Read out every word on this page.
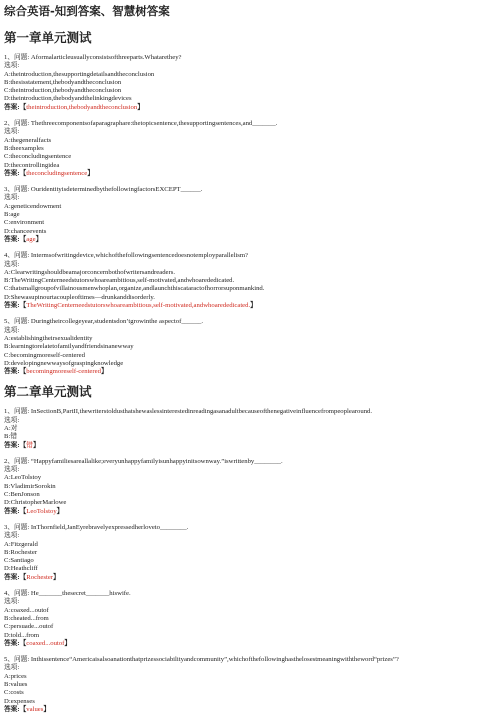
综合英语-知到答案、智慧树答案
第一章单元测试
1、问题: Aformalarticleusuallyconsistsofthreeparts.Whatarethey?
选项:
A:theintroduction,thesupportingdetailsandtheconclusion
B:thesisstatement,thebodyandtheconclusion
C:theintroduction,thebodyandtheconclusion
D:theintroduction,thebodyandthelinkingdevices
答案:【theintroduction,thebodyandtheconclusion】
2、问题: Thethreecomponentsofaparagraphare:thetopicsentence,thesupportingsentences,and_______.
选项:
A:thegeneralfacts
B:theexamples
C:theconcludingsentence
D:thecontrollingidea
答案:【theconcludingsentence】
3、问题: OuridentityisdeterminedbythefollowingfactorsEXCEPT______.
选项:
A:geneticendowment
B:age
C:environment
D:chanceevents
答案:【age】
4、问题: Intermsofwritingdevice,whichofthefollowingsentencedoesnotemployparallelism?
选项:
A:Clearwritingshouldbeamajorconcernbothofwritersandreaders.
B:TheWritingCenterneedstutorswhoareambitious,self-motivated,andwhoarededicated.
C:thatsmallgroupofvillainousmenwhoplan,organize,andlaunchthiscataractofhorrorsuponmankind.
D:Shewasupinourtacoupleoftimes—drunkanddisorderly.
答案:【TheWritingCenterneedstutorswhoareambitious,self-motivated,andwhoarededicated.】
5、问题: Duringtheircollegeyear,studentsdon’tgrowinthe aspectof______.
选项:
A:establishingtheirsexualidentity
B:learningtorelatetofamilyandfriendsinanewway
C:becomingmoreself-centered
D:developingnewwaysofgraspingknowledge
答案:【becomingmoreself-centered】
第二章单元测试
1、问题: InSectionB,PartII,thewriterstoldusthatshewaslessinterestedinreadingasanadultbecauseofthenegativeinfluencefrompeoplearound.
选项:
A:对
B:错
答案:【错】
2、问题: “Happyfamiliesareallalike;everyunhappyfamilyisunhappyinitsownway.”iswrittenby________.
选项:
A:LeoTolstoy
B:VladimirSorokin
C:BenJonson
D:ChristopherMarlowe
答案:【LeoTolstoy】
3、问题: InThornfield,JanEyrebravelyexpressedherloveto________.
选项:
A:Fitzgerald
B:Rochester
C:Santiago
D:Heathcliff
答案:【Rochester】
4、问题: He_______thesecret_______hiswife.
选项:
A:coaxed...outof
B:cheated...from
C:persuade...outof
D:told...from
答案:【coaxed...outof】
5、问题: Inthissentence“Americaisalsoanationthatprizessociabilityandcommunity”,whichofthefollowinghasthelosestmeaningwiththeword“prizes”?
选项:
A:prices
B:values
C:costs
D:expenses
答案:【values】
